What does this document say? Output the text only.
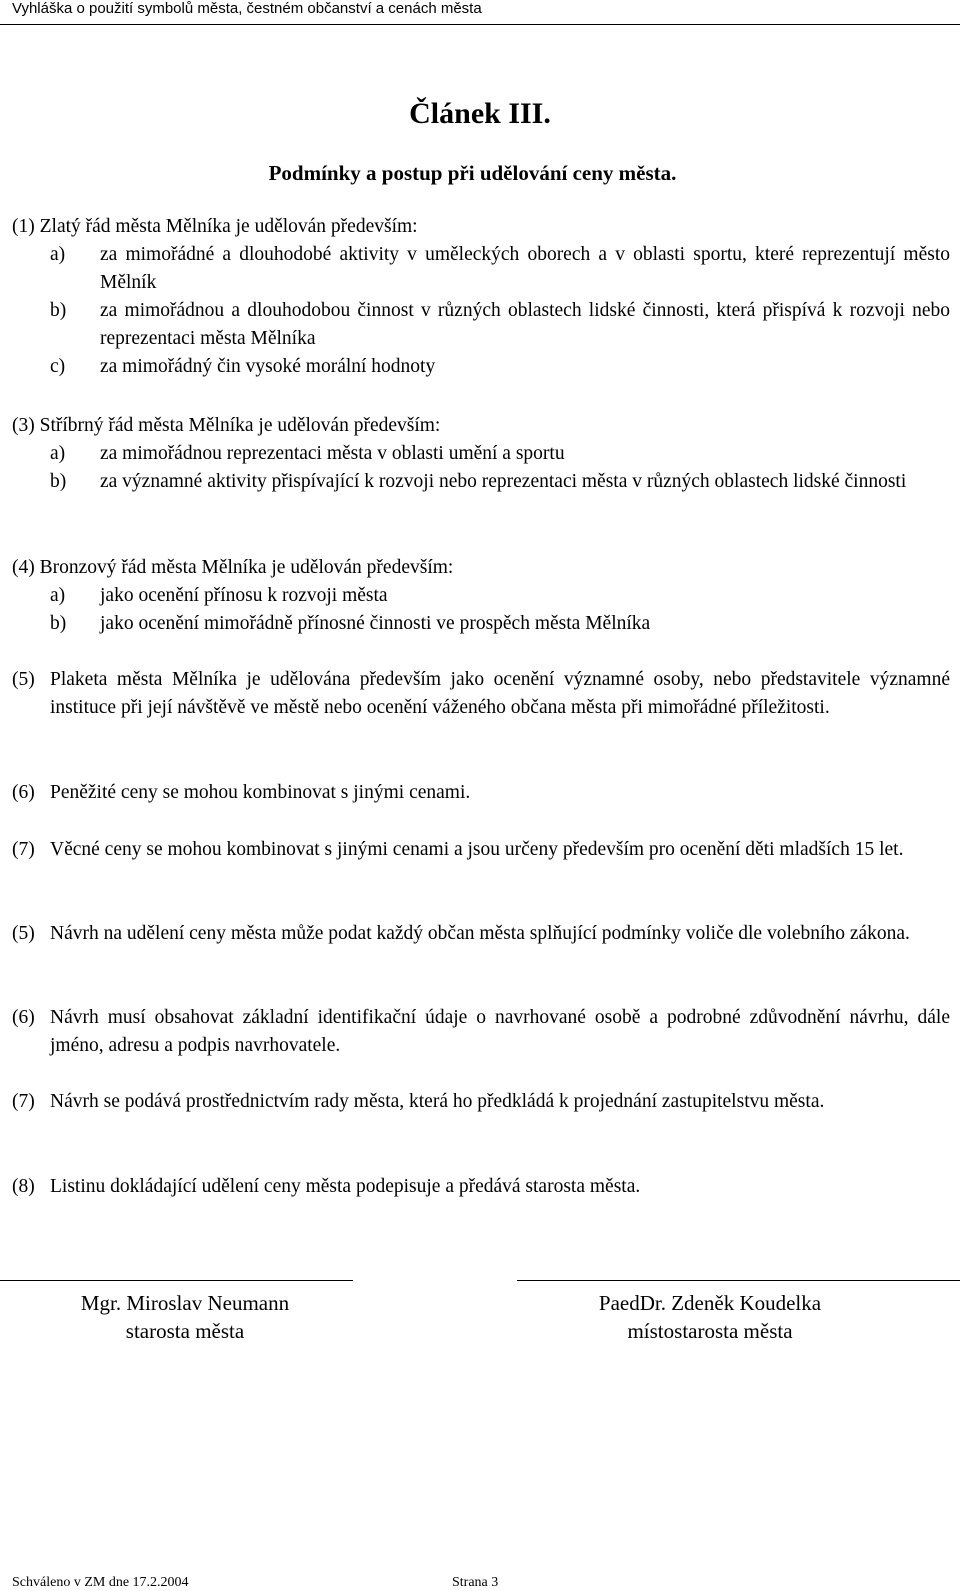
Vyhláška o použití symbolů města, čestném občanství a cenách města
Článek III.
Podmínky a postup při udělování ceny města.
(1) Zlatý řád města Mělníka je udělován především:
a) za mimořádné a dlouhodobé aktivity v uměleckých oborech a v oblasti sportu, které reprezentují město Mělník
b) za mimořádnou a dlouhodobou činnost v různých oblastech lidské činnosti, která přispívá k rozvoji nebo reprezentaci města Mělníka
c) za mimořádný čin vysoké morální hodnoty
(3) Stříbrný řád města Mělníka je udělován především:
a) za mimořádnou reprezentaci města v oblasti umění a sportu
b) za významné aktivity přispívající k rozvoji nebo reprezentaci města v různých oblastech lidské činnosti
(4) Bronzový řád města Mělníka je udělován především:
a) jako ocenění přínosu k rozvoji města
b) jako ocenění mimořádně přínosné činnosti ve prospěch města Mělníka
(5) Plaketa města Mělníka je udělována především jako ocenění významné osoby, nebo představitele významné instituce při její návštěvě ve městě nebo ocenění váženého občana města při mimořádné příležitosti.
(6) Peněžité ceny se mohou kombinovat s jinými cenami.
(7) Věcné ceny se mohou kombinovat s jinými cenami a jsou určeny především pro ocenění děti mladších 15 let.
(5) Návrh na udělení ceny města může podat každý občan města splňující podmínky voliče dle volebního zákona.
(6) Návrh musí obsahovat základní identifikační údaje o navrhované osobě a podrobné zdůvodnění návrhu, dále jméno, adresu a podpis navrhovatele.
(7) Návrh se podává prostřednictvím rady města, která ho předkládá k projednání zastupitelstvu města.
(8) Listinu dokládající udělení ceny města podepisuje a předává starosta města.
Mgr. Miroslav Neumann
starosta města
PaedDr. Zdeněk Koudelka
místostarosta města
Schváleno v ZM dne 17.2.2004	Strana 3
